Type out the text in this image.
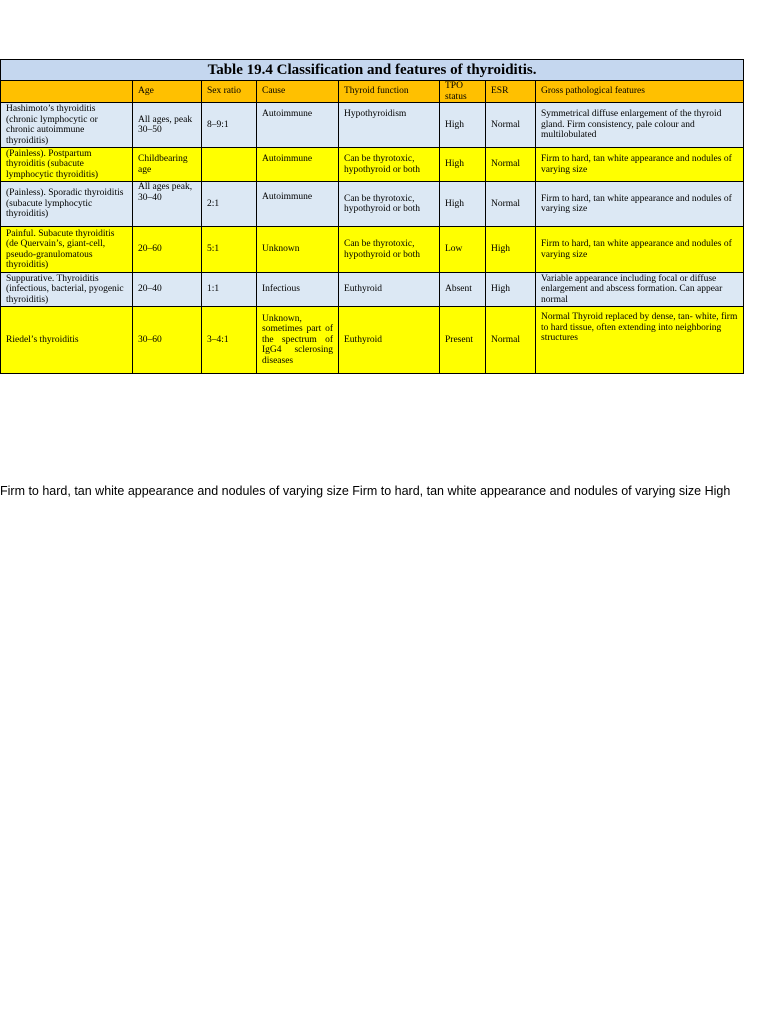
Table 19.4 Classification and features of thyroiditis.							
	Age	Sex ratio	Cause	Thyroid function	TPO status	ESR	Gross pathological features
Hashimoto’s thyroiditis (chronic lymphocytic or chronic autoimmune thyroiditis)	All ages, peak 30–50	8–9:1	Autoimmune	Hypothyroidism	High	Normal	Symmetrical diffuse enlargement of the thyroid gland. Firm consistency, pale colour and multilobulated
(Painless). Postpartum thyroiditis (subacute lymphocytic thyroiditis)	Childbearing age		Autoimmune	Can be thyrotoxic, hypothyroid or both	High	Normal	Firm to hard, tan white appearance and nodules of varying size
(Painless). Sporadic thyroiditis (subacute lymphocytic thyroiditis)	All ages peak, 30–40	2:1	Autoimmune	Can be thyrotoxic, hypothyroid or both	High	Normal	Firm to hard, tan white appearance and nodules of varying size
Painful. Subacute thyroiditis (de Quervain’s, giant-cell, pseudo-granulomatous thyroiditis)	20–60	5:1	Unknown	Can be thyrotoxic, hypothyroid or both	Low	High	Firm to hard, tan white appearance and nodules of varying size
Suppurative. Thyroiditis (infectious, bacterial, pyogenic thyroiditis)	20–40	1:1	Infectious	Euthyroid	Absent	High	Variable appearance including focal or diffuse enlargement and abscess formation. Can appear normal
Riedel’s thyroiditis	30–60	3–4:1	Unknown, sometimes part of the spectrum of IgG4 sclerosing diseases	Euthyroid	Present	Normal	Normal Thyroid replaced by dense, tan- white, firm to hard tissue, often extending into neighboring structures
Firm to hard, tan white appearance and nodules of varying size Firm to hard, tan white appearance and nodules of varying size High
